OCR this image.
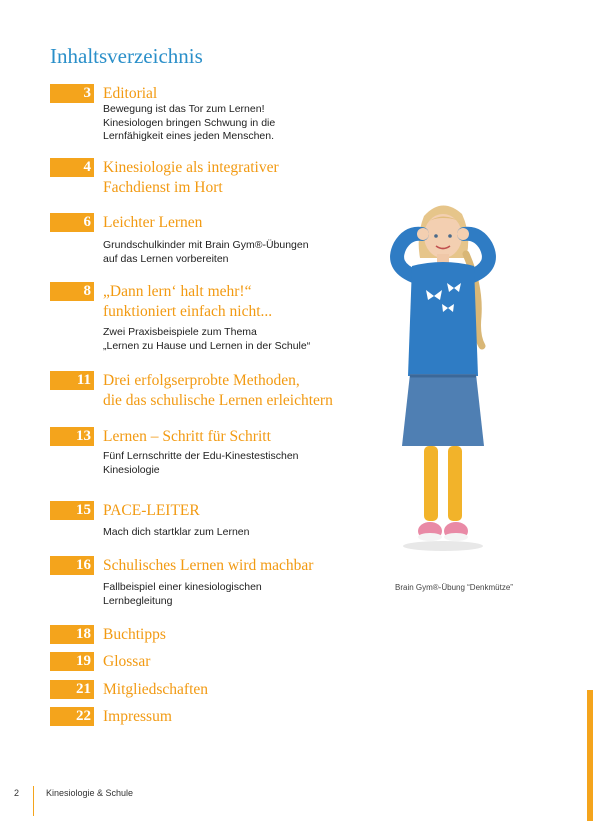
Inhaltsverzeichnis
3 Editorial
Bewegung ist das Tor zum Lernen!
Kinesiologen bringen Schwung in die
Lernfähigkeit eines jeden Menschen.
4 Kinesiologie als integrativer
Fachdienst im Hort
6 Leichter Lernen
Grundschulkinder mit Brain Gym®-Übungen
auf das Lernen vorbereiten
8 „Dann lern‘ halt mehr!“
funktioniert einfach nicht...
Zwei Praxisbeispiele zum Thema
„Lernen zu Hause und Lernen in der Schule“
11 Drei erfolgserprobte Methoden,
die das schulische Lernen erleichtern
13 Lernen – Schritt für Schritt
Fünf Lernschritte der Edu-Kinestestischen
Kinesiologie
15 PACE-LEITER
Mach dich startklar zum Lernen
16 Schulisches Lernen wird machbar
Fallbeispiel einer kinesiologischen
Lernbegleitung
18 Buchtipps
19 Glossar
21 Mitgliedschaften
22 Impressum
Brain Gym®-Übung “Denkmütze”
2	Kinesiologie & Schule
